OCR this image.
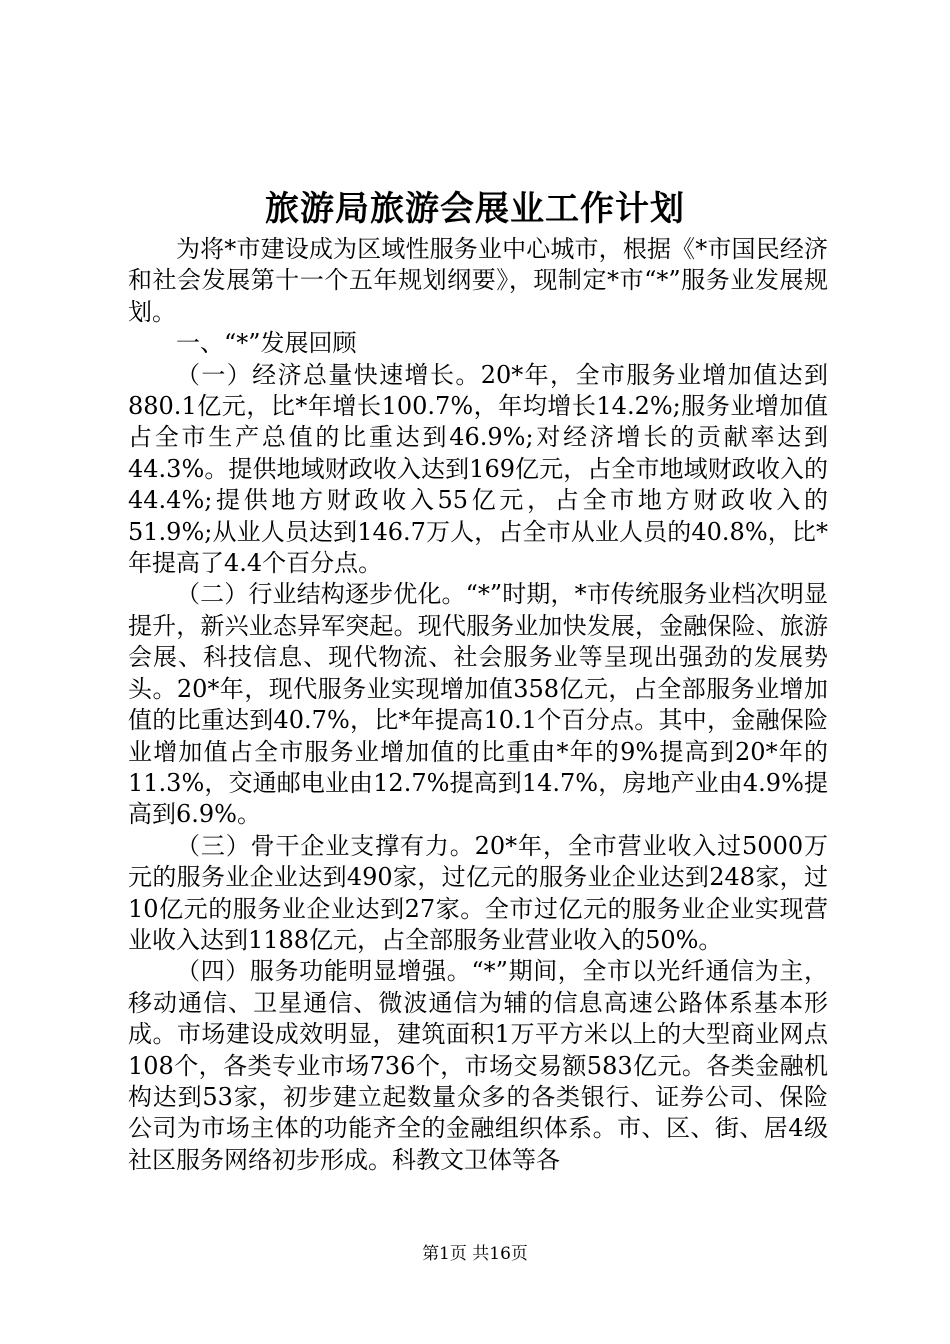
旅游局旅游会展业工作计划

为将*市建设成为区域性服务业中心城市，根据《*市国民经济和社会发展第十一个五年规划纲要》，现制定*市“*”服务业发展规划。

一、“*”发展回顾

（一）经济总量快速增长。20*年，全市服务业增加值达到880.1亿元，比*年增长100.7%，年均增长14.2%;服务业增加值占全市生产总值的比重达到46.9%;对经济增长的贡献率达到44.3%。提供地域财政收入达到169亿元，占全市地域财政收入的44.4%;提供地方财政收入55亿元，占全市地方财政收入的51.9%;从业人员达到146.7万人，占全市从业人员的40.8%，比*年提高了4.4个百分点。

（二）行业结构逐步优化。“*”时期，*市传统服务业档次明显提升，新兴业态异军突起。现代服务业加快发展，金融保险、旅游会展、科技信息、现代物流、社会服务业等呈现出强劲的发展势头。20*年，现代服务业实现增加值358亿元，占全部服务业增加值的比重达到40.7%，比*年提高10.1个百分点。其中，金融保险业增加值占全市服务业增加值的比重由*年的9%提高到20*年的11.3%，交通邮电业由12.7%提高到14.7%，房地产业由4.9%提高到6.9%。

（三）骨干企业支撑有力。20*年，全市营业收入过5000万元的服务业企业达到490家，过亿元的服务业企业达到248家，过10亿元的服务业企业达到27家。全市过亿元的服务业企业实现营业收入达到1188亿元，占全部服务业营业收入的50%。

（四）服务功能明显增强。“*”期间，全市以光纤通信为主，移动通信、卫星通信、微波通信为辅的信息高速公路体系基本形成。市场建设成效明显，建筑面积1万平方米以上的大型商业网点108个，各类专业市场736个，市场交易额583亿元。各类金融机构达到53家，初步建立起数量众多的各类银行、证券公司、保险公司为市场主体的功能齐全的金融组织体系。市、区、街、居4级社区服务网络初步形成。科教文卫体等各

第1页 共16页
